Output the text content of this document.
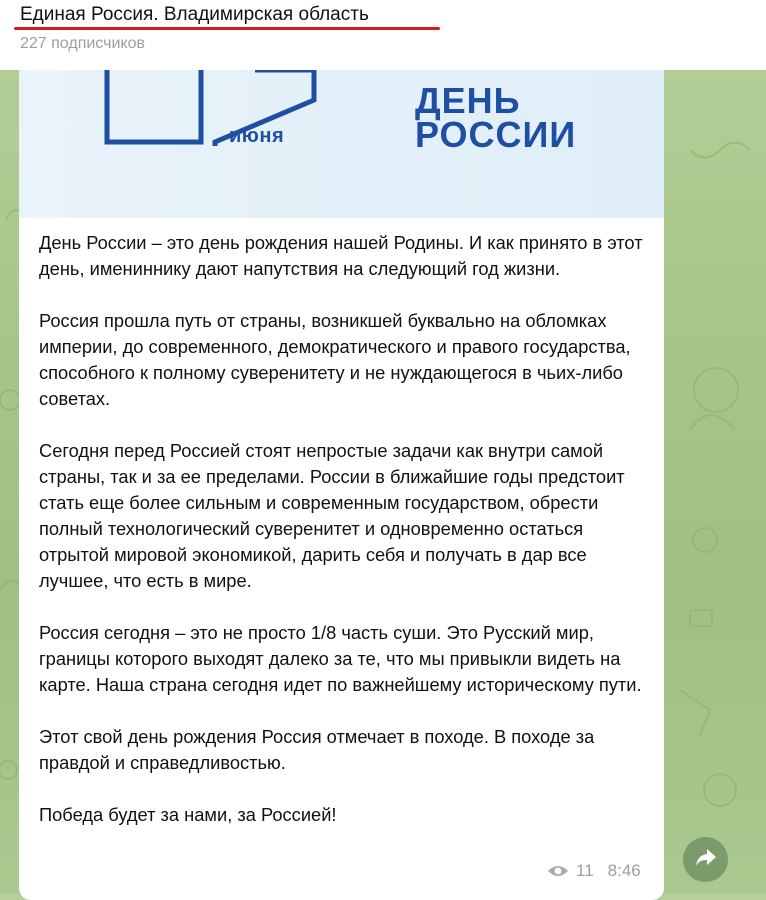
Единая Россия. Владимирская область
227 подписчиков
июня
ДЕНЬ
РОССИИ

День России – это день рождения нашей Родины. И как принято в этот день, имениннику дают напутствия на следующий год жизни.

Россия прошла путь от страны, возникшей буквально на обломках империи, до современного, демократического и правого государства, способного к полному суверенитету и не нуждающегося в чьих-либо советах.

Сегодня перед Россией стоят непростые задачи как внутри самой страны, так и за ее пределами. России в ближайшие годы предстоит стать еще более сильным и современным государством, обрести полный технологический суверенитет и одновременно остаться отрытой мировой экономикой, дарить себя и получать в дар все лучшее, что есть в мире.

Россия сегодня – это не просто 1/8 часть суши. Это Русский мир, границы которого выходят далеко за те, что мы привыкли видеть на карте. Наша страна сегодня идет по важнейшему историческому пути.

Этот свой день рождения Россия отмечает в походе. В походе за правдой и справедливостью.

Победа будет за нами, за Россией!

11 8:46
